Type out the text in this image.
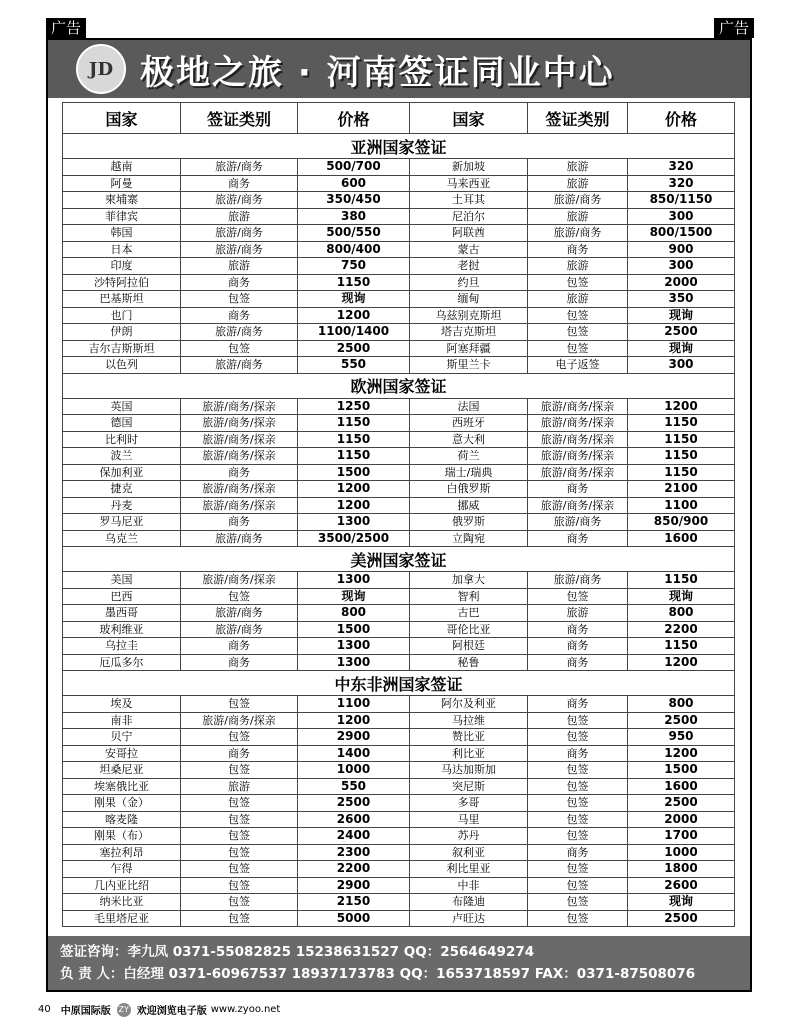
广告	广告
JD 极地之旅 · 河南签证同业中心
国家	签证类别	价格	国家	签证类别	价格
亚洲国家签证					
越南	旅游/商务	500/700	新加坡	旅游	320
阿曼	商务	600	马来西亚	旅游	320
柬埔寨	旅游/商务	350/450	土耳其	旅游/商务	850/1150
菲律宾	旅游	380	尼泊尔	旅游	300
韩国	旅游/商务	500/550	阿联酋	旅游/商务	800/1500
日本	旅游/商务	800/400	蒙古	商务	900
印度	旅游	750	老挝	旅游	300
沙特阿拉伯	商务	1150	约旦	包签	2000
巴基斯坦	包签	现询	缅甸	旅游	350
也门	商务	1200	乌兹别克斯坦	包签	现询
伊朗	旅游/商务	1100/1400	塔吉克斯坦	包签	2500
吉尔吉斯斯坦	包签	2500	阿塞拜疆	包签	现询
以色列	旅游/商务	550	斯里兰卡	电子返签	300
欧洲国家签证					
英国	旅游/商务/探亲	1250	法国	旅游/商务/探亲	1200
德国	旅游/商务/探亲	1150	西班牙	旅游/商务/探亲	1150
比利时	旅游/商务/探亲	1150	意大利	旅游/商务/探亲	1150
波兰	旅游/商务/探亲	1150	荷兰	旅游/商务/探亲	1150
保加利亚	商务	1500	瑞士/瑞典	旅游/商务/探亲	1150
捷克	旅游/商务/探亲	1200	白俄罗斯	商务	2100
丹麦	旅游/商务/探亲	1200	挪威	旅游/商务/探亲	1100
罗马尼亚	商务	1300	俄罗斯	旅游/商务	850/900
乌克兰	旅游/商务	3500/2500	立陶宛	商务	1600
美洲国家签证					
美国	旅游/商务/探亲	1300	加拿大	旅游/商务	1150
巴西	包签	现询	智利	包签	现询
墨西哥	旅游/商务	800	古巴	旅游	800
玻利维亚	旅游/商务	1500	哥伦比亚	商务	2200
乌拉圭	商务	1300	阿根廷	商务	1150
厄瓜多尔	商务	1300	秘鲁	商务	1200
中东非洲国家签证					
埃及	包签	1100	阿尔及利亚	商务	800
南非	旅游/商务/探亲	1200	马拉维	包签	2500
贝宁	包签	2900	赞比亚	包签	950
安哥拉	商务	1400	利比亚	商务	1200
坦桑尼亚	包签	1000	马达加斯加	包签	1500
埃塞俄比亚	旅游	550	突尼斯	包签	1600
刚果（金）	包签	2500	多哥	包签	2500
喀麦隆	包签	2600	马里	包签	2000
刚果（布）	包签	2400	苏丹	包签	1700
塞拉利昂	包签	2300	叙利亚	商务	1000
乍得	包签	2200	利比里亚	包签	1800
几内亚比绍	包签	2900	中非	包签	2600
纳米比亚	包签	2150	布隆迪	包签	现询
毛里塔尼亚	包签	5000	卢旺达	包签	2500
签证咨询：李九凤 0371-55082825 15238631527 QQ：2564649274
负 责 人：白经理 0371-60967537 18937173783 QQ：1653718597 FAX：0371-87508076
40 中原国际版 ZY 欢迎浏览电子版 www.zyoo.net
